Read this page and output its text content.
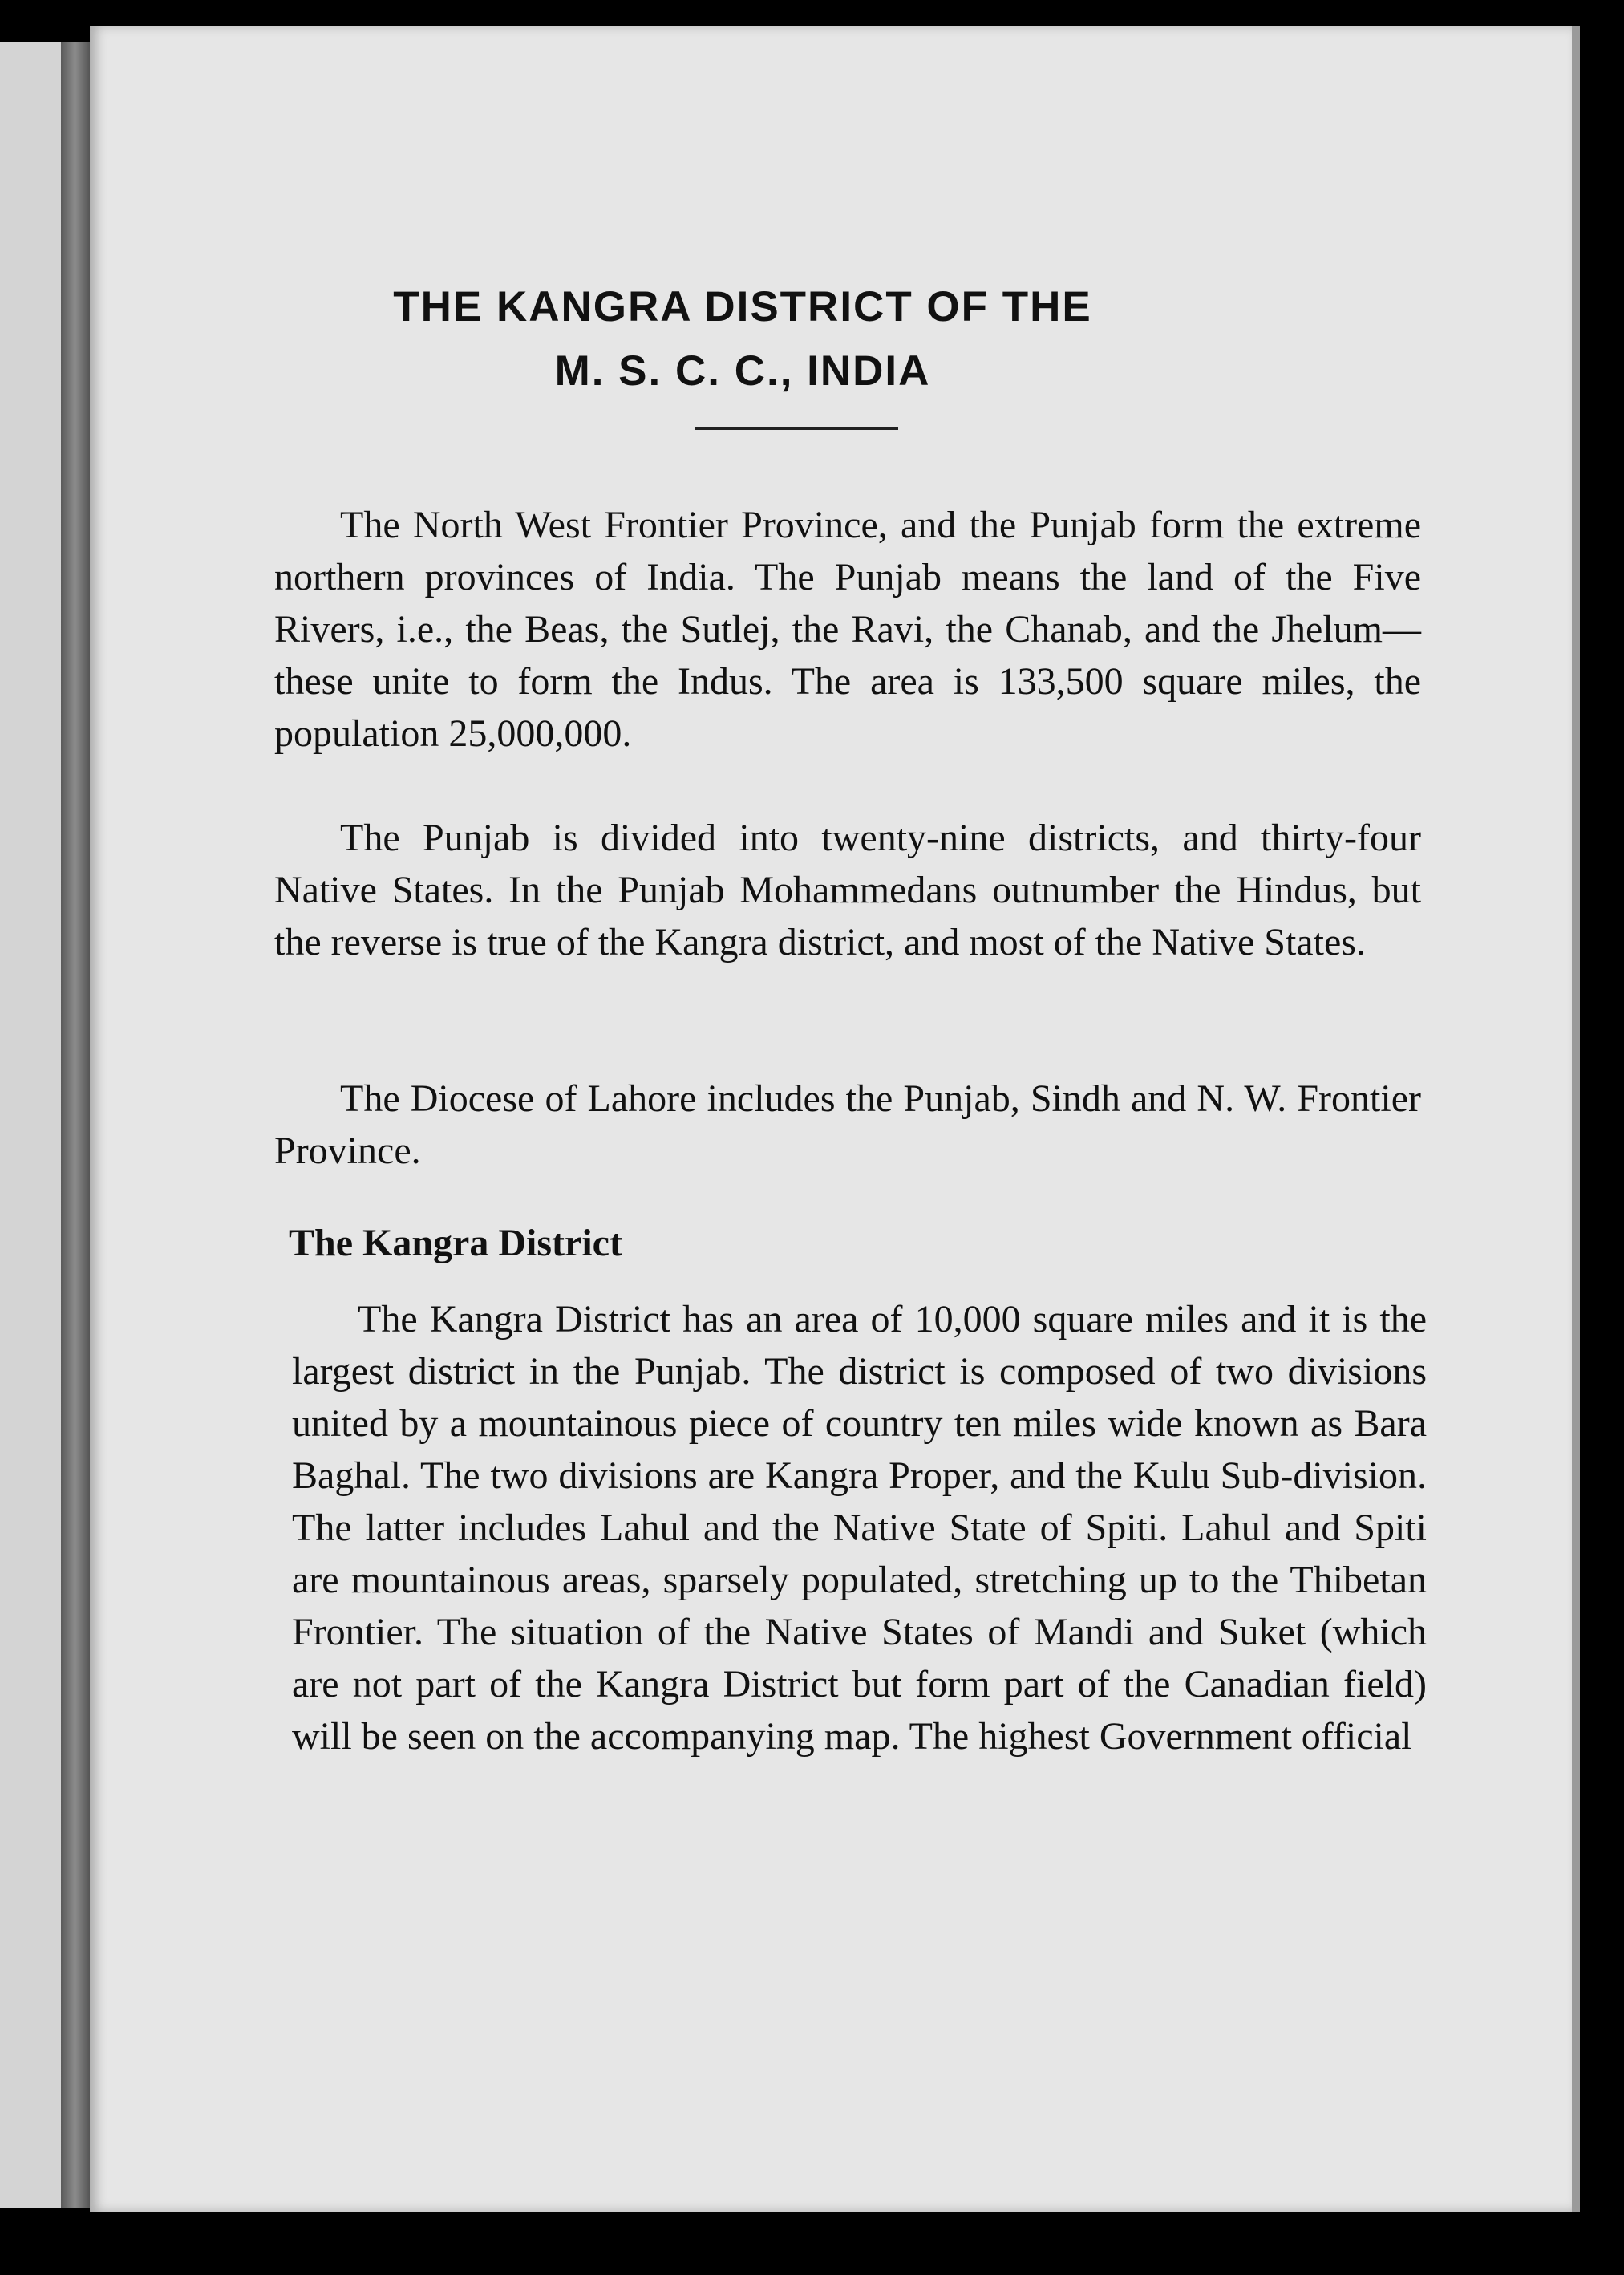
THE KANGRA DISTRICT OF THE
M. S. C. C., INDIA

The North West Frontier Province, and the Punjab form the extreme northern provinces of India. The Punjab means the land of the Five Rivers, i.e., the Beas, the Sutlej, the Ravi, the Chanab, and the Jhelum—these unite to form the Indus. The area is 133,500 square miles, the population 25,000,000.

The Punjab is divided into twenty-nine districts, and thirty-four Native States. In the Punjab Mohammedans outnumber the Hindus, but the reverse is true of the Kangra district, and most of the Native States.

The Diocese of Lahore includes the Punjab, Sindh and N. W. Frontier Province.

The Kangra District

The Kangra District has an area of 10,000 square miles and it is the largest district in the Punjab. The district is composed of two divisions united by a mountainous piece of country ten miles wide known as Bara Baghal. The two divisions are Kangra Proper, and the Kulu Sub-division. The latter includes Lahul and the Native State of Spiti. Lahul and Spiti are mountainous areas, sparsely populated, stretching up to the Thibetan Frontier. The situation of the Native States of Mandi and Suket (which are not part of the Kangra District but form part of the Canadian field) will be seen on the accompanying map. The highest Government official
